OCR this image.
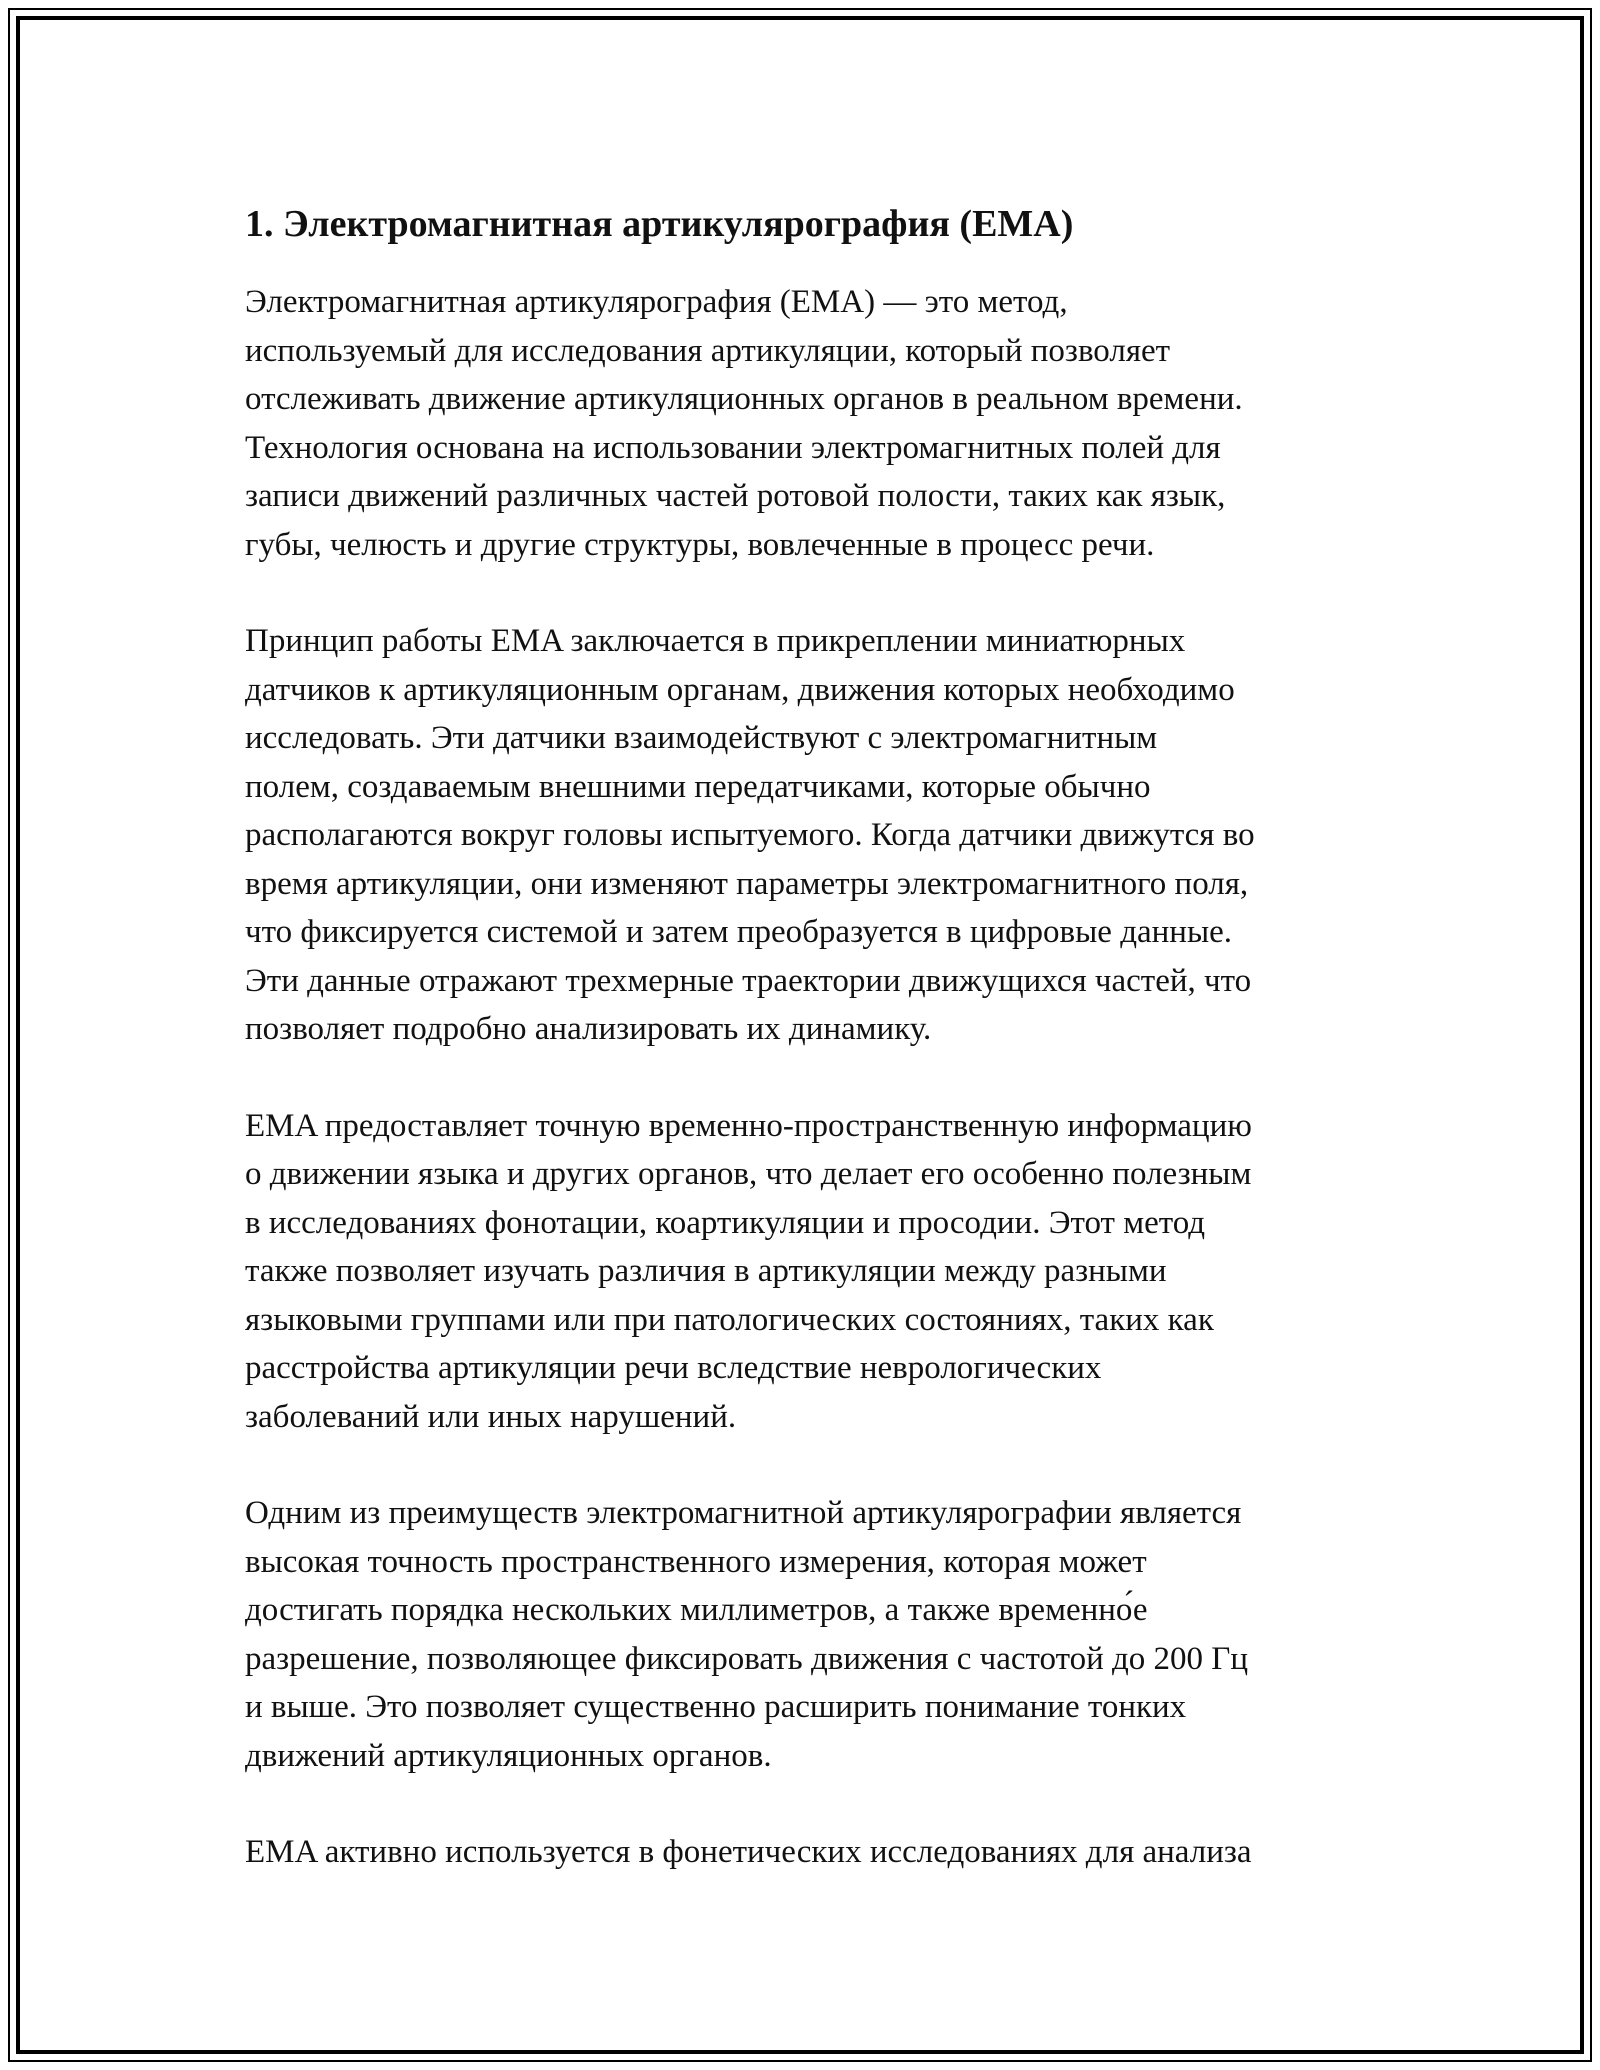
1. Электромагнитная артикулярография (EMA)

Электромагнитная артикулярография (EMA) — это метод,
используемый для исследования артикуляции, который позволяет
отслеживать движение артикуляционных органов в реальном времени.
Технология основана на использовании электромагнитных полей для
записи движений различных частей ротовой полости, таких как язык,
губы, челюсть и другие структуры, вовлеченные в процесс речи.

Принцип работы EMA заключается в прикреплении миниатюрных
датчиков к артикуляционным органам, движения которых необходимо
исследовать. Эти датчики взаимодействуют с электромагнитным
полем, создаваемым внешними передатчиками, которые обычно
располагаются вокруг головы испытуемого. Когда датчики движутся во
время артикуляции, они изменяют параметры электромагнитного поля,
что фиксируется системой и затем преобразуется в цифровые данные.
Эти данные отражают трехмерные траектории движущихся частей, что
позволяет подробно анализировать их динамику.

EMA предоставляет точную временно-пространственную информацию
о движении языка и других органов, что делает его особенно полезным
в исследованиях фонотации, коартикуляции и просодии. Этот метод
также позволяет изучать различия в артикуляции между разными
языковыми группами или при патологических состояниях, таких как
расстройства артикуляции речи вследствие неврологических
заболеваний или иных нарушений.

Одним из преимуществ электромагнитной артикулярографии является
высокая точность пространственного измерения, которая может
достигать порядка нескольких миллиметров, а также временно́е
разрешение, позволяющее фиксировать движения с частотой до 200 Гц
и выше. Это позволяет существенно расширить понимание тонких
движений артикуляционных органов.

EMA активно используется в фонетических исследованиях для анализа
